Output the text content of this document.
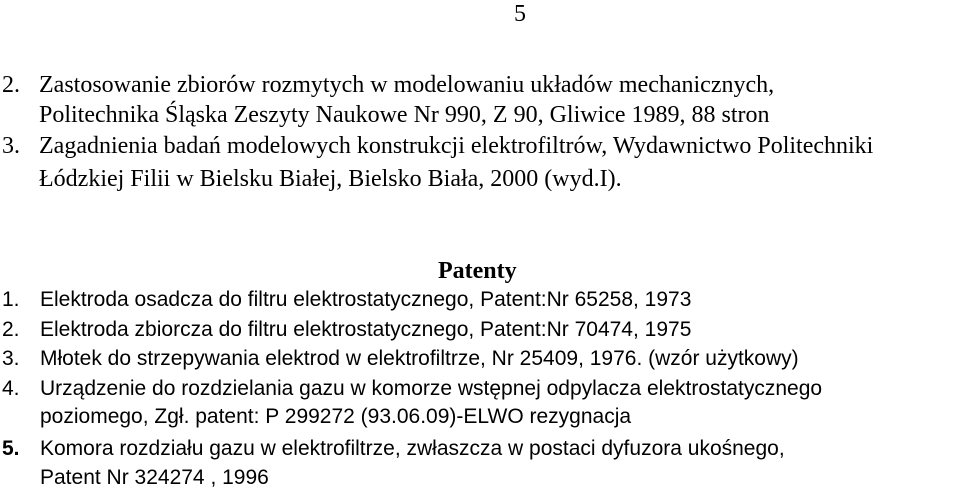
5
2. Zastosowanie zbiorów rozmytych w modelowaniu układów mechanicznych,
Politechnika Śląska Zeszyty Naukowe Nr 990, Z 90, Gliwice 1989, 88 stron
3. Zagadnienia badań modelowych konstrukcji elektrofiltrów, Wydawnictwo Politechniki
Łódzkiej Filii w Bielsku Białej, Bielsko Biała, 2000 (wyd.I).
Patenty
1. Elektroda osadcza do filtru elektrostatycznego, Patent:Nr 65258, 1973
2. Elektroda zbiorcza do filtru elektrostatycznego, Patent:Nr 70474, 1975
3. Młotek do strzepywania elektrod w elektrofiltrze, Nr 25409, 1976. (wzór użytkowy)
4. Urządzenie do rozdzielania gazu w komorze wstępnej odpylacza elektrostatycznego
poziomego, Zgł. patent: P 299272 (93.06.09)-ELWO rezygnacja
5. Komora rozdziału gazu w elektrofiltrze, zwłaszcza w postaci dyfuzora ukośnego,
Patent Nr 324274 , 1996
